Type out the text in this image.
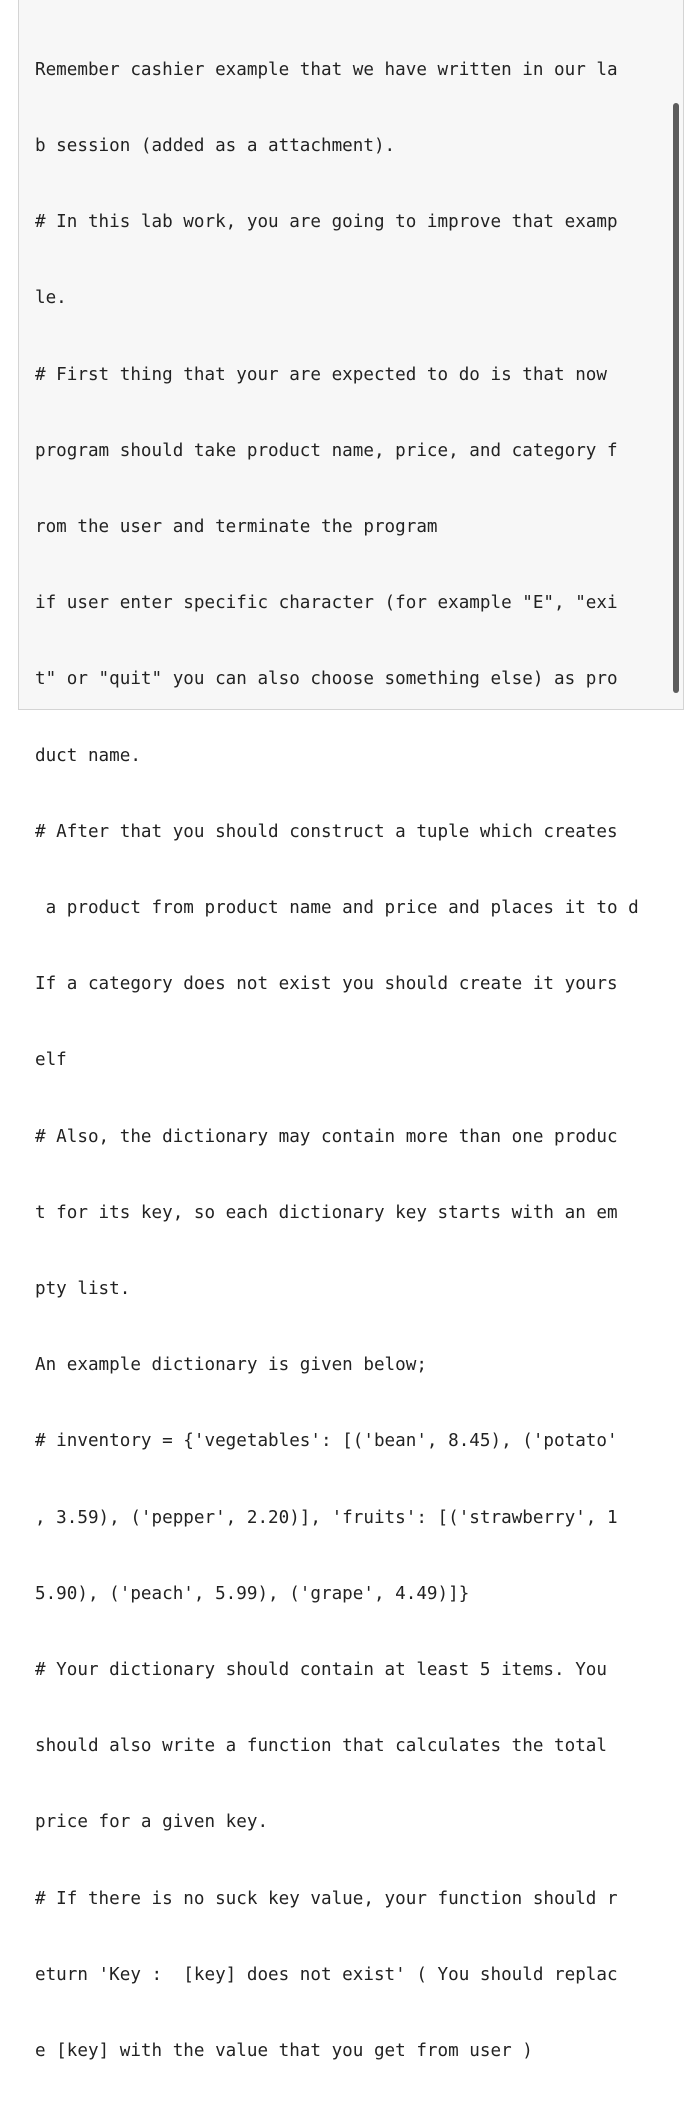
Remember cashier example that we have written in our la

b session (added as a attachment).

# In this lab work, you are going to improve that examp

le.

# First thing that your are expected to do is that now

program should take product name, price, and category f

rom the user and terminate the program

if user enter specific character (for example "E", "exi

t" or "quit" you can also choose something else) as pro

duct name.

# After that you should construct a tuple which creates

a product from product name and price and places it to d

If a category does not exist you should create it yours

elf

# Also, the dictionary may contain more than one produc

t for its key, so each dictionary key starts with an em

pty list.

An example dictionary is given below;

# inventory = {'vegetables': [('bean', 8.45), ('potato'

, 3.59), ('pepper', 2.20)], 'fruits': [('strawberry', 1

5.90), ('peach', 5.99), ('grape', 4.49)]}

# Your dictionary should contain at least 5 items. You

should also write a function that calculates the total

price for a given key.

# If there is no suck key value, your function should r

eturn 'Key :  [key] does not exist' ( You should replac

e [key] with the value that you get from user )
